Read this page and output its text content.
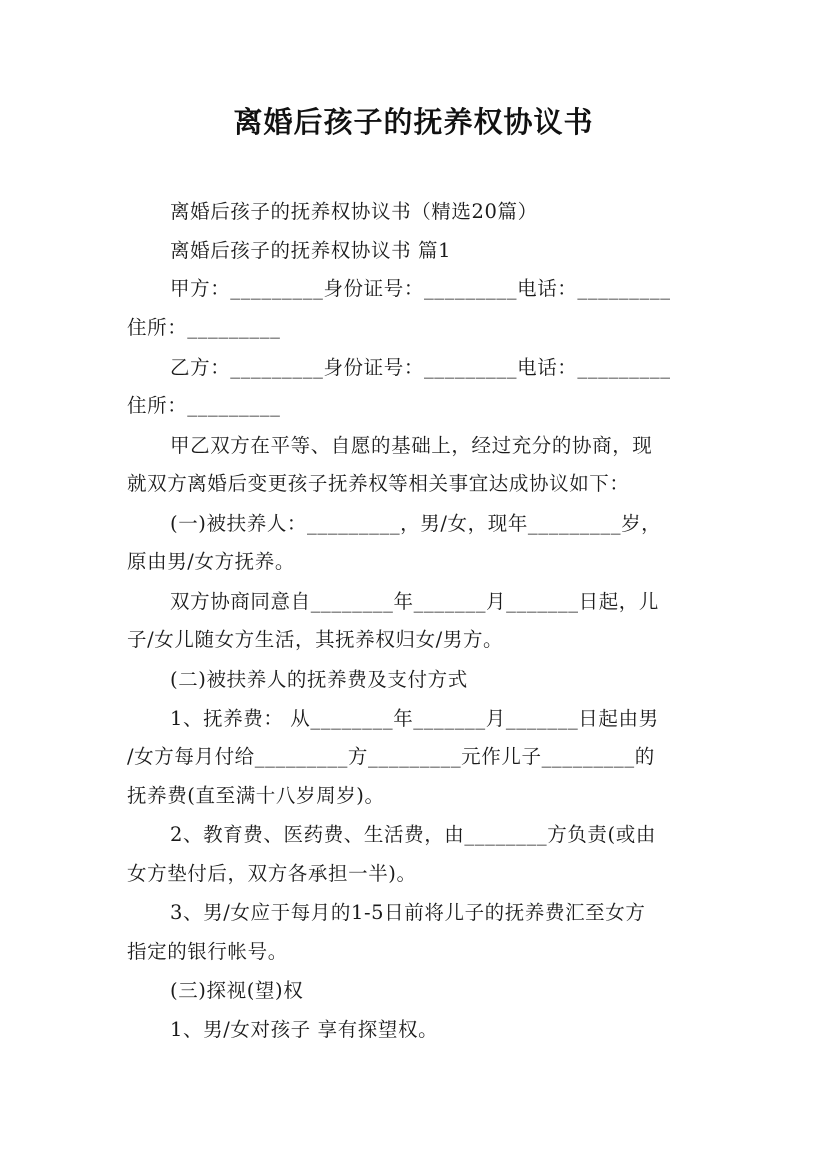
离婚后孩子的抚养权协议书
离婚后孩子的抚养权协议书（精选20篇）
离婚后孩子的抚养权协议书 篇1
甲方：_________身份证号：_________电话：_________
住所：_________
乙方：_________身份证号：_________电话：_________
住所：_________
甲乙双方在平等、自愿的基础上，经过充分的协商，现
就双方离婚后变更孩子抚养权等相关事宜达成协议如下：
(一)被扶养人：_________，男/女，现年_________岁，
原由男/女方抚养。
双方协商同意自________年_______月_______日起，儿
子/女儿随女方生活，其抚养权归女/男方。
(二)被扶养人的抚养费及支付方式
1、抚养费： 从________年_______月_______日起由男
/女方每月付给_________方_________元作儿子_________的
抚养费(直至满十八岁周岁)。
2、教育费、医药费、生活费，由________方负责(或由
女方垫付后，双方各承担一半)。
3、男/女应于每月的1-5日前将儿子的抚养费汇至女方
指定的银行帐号。
(三)探视(望)权
1、男/女对孩子 享有探望权。
